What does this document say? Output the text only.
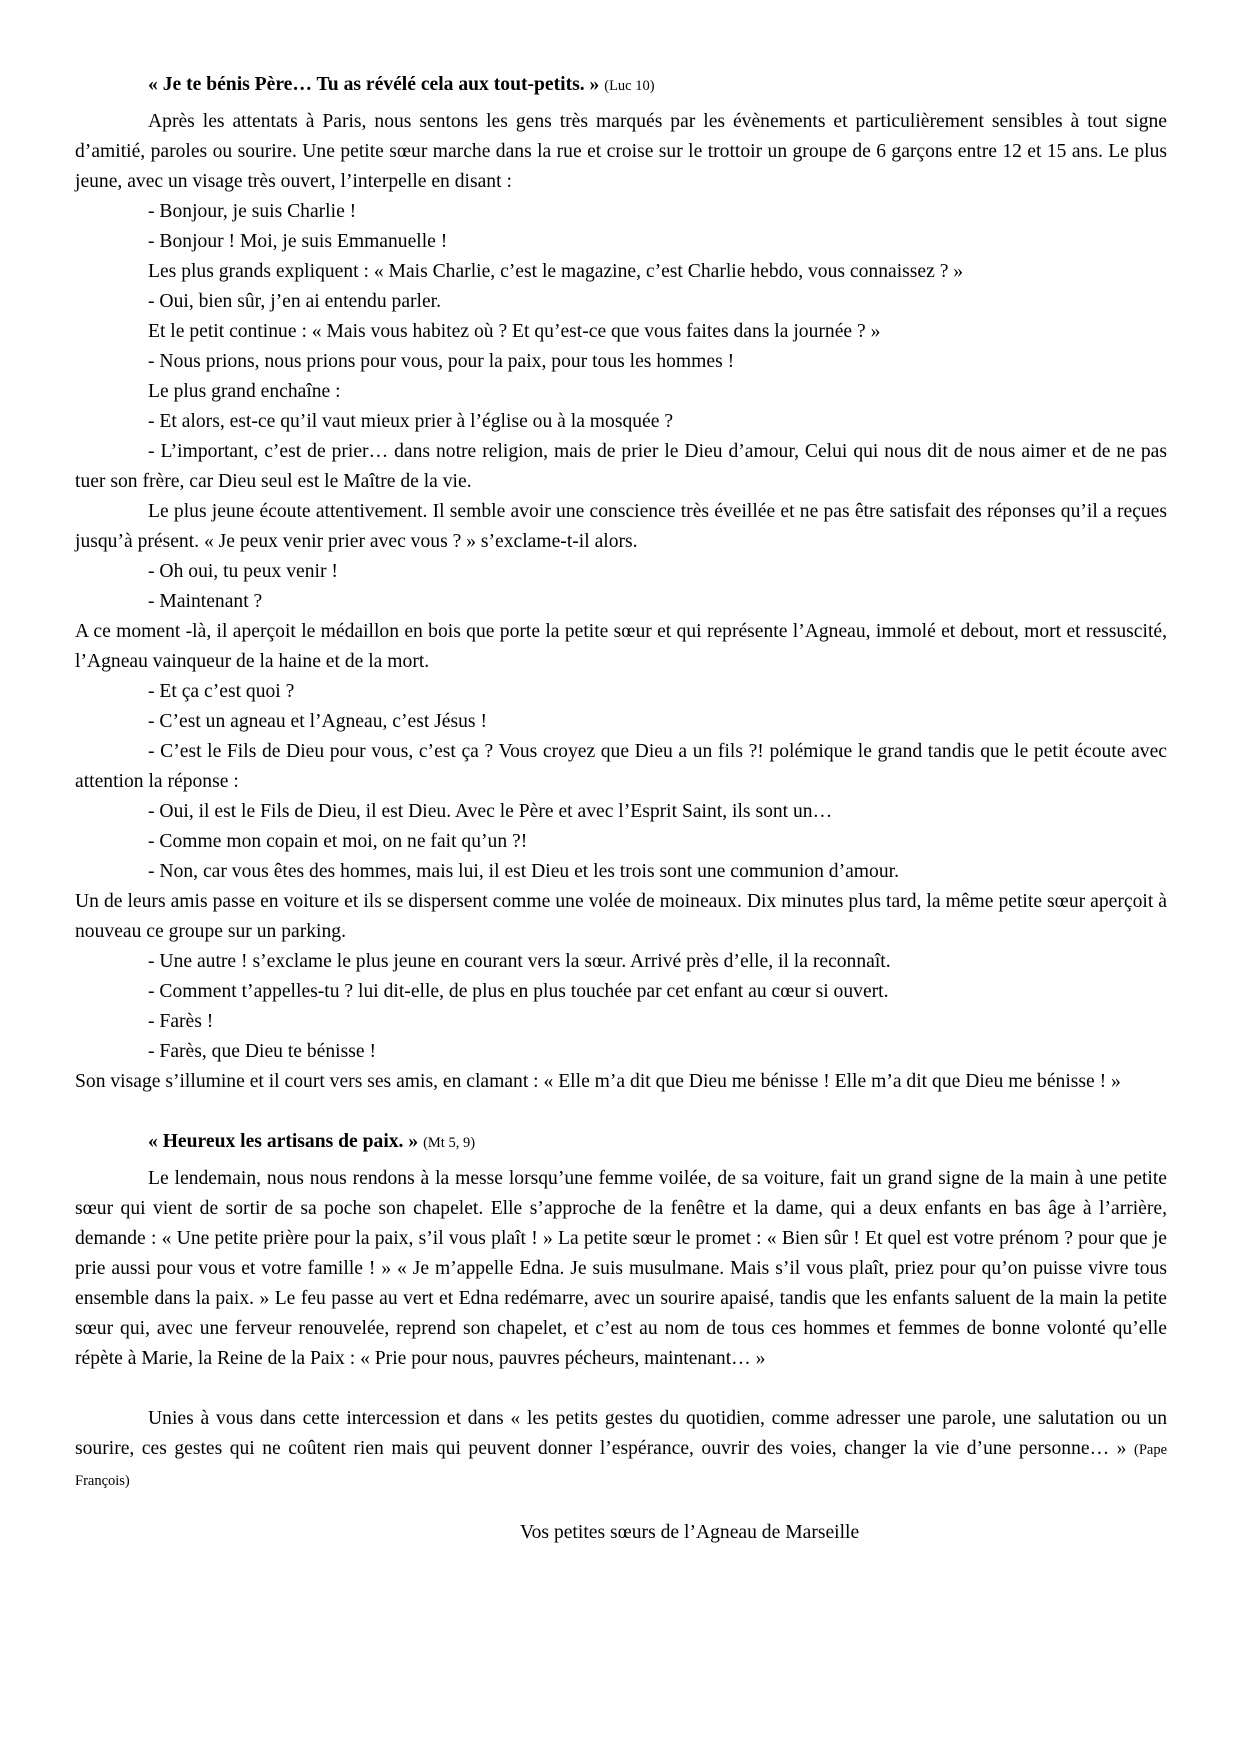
« Je te bénis Père… Tu as révélé cela aux tout-petits. » (Luc 10)

Après les attentats à Paris, nous sentons les gens très marqués par les évènements et particulièrement sensibles à tout signe d’amitié, paroles ou sourire. Une petite sœur marche dans la rue et croise sur le trottoir un groupe de 6 garçons entre 12 et 15 ans. Le plus jeune, avec un visage très ouvert, l’interpelle en disant :

- Bonjour, je suis Charlie !

- Bonjour ! Moi, je suis Emmanuelle !

Les plus grands expliquent : « Mais Charlie, c’est le magazine, c’est Charlie hebdo, vous connaissez ? »

- Oui, bien sûr, j’en ai entendu parler.

Et le petit continue : « Mais vous habitez où ? Et qu’est-ce que vous faites dans la journée ? »

- Nous prions, nous prions pour vous, pour la paix, pour tous les hommes !

Le plus grand enchaîne :

- Et alors, est-ce qu’il vaut mieux prier à l’église ou à la mosquée ?

- L’important, c’est de prier… dans notre religion, mais de prier le Dieu d’amour, Celui qui nous dit de nous aimer et de ne pas tuer son frère, car Dieu seul est le Maître de la vie.

Le plus jeune écoute attentivement. Il semble avoir une conscience très éveillée et ne pas être satisfait des réponses qu’il a reçues jusqu’à présent. « Je peux venir prier avec vous ? » s’exclame-t-il alors.

- Oh oui, tu peux venir !

- Maintenant ?

A ce moment -là, il aperçoit le médaillon en bois que porte la petite sœur et qui représente l’Agneau, immolé et debout, mort et ressuscité, l’Agneau vainqueur de la haine et de la mort.

- Et ça c’est quoi ?

- C’est un agneau et l’Agneau, c’est Jésus !

- C’est le Fils de Dieu pour vous, c’est ça ? Vous croyez que Dieu a un fils ?! polémique le grand tandis que le petit écoute avec attention la réponse :

- Oui, il est le Fils de Dieu, il est Dieu. Avec le Père et avec l’Esprit Saint, ils sont un…

- Comme mon copain et moi, on ne fait qu’un ?!

- Non, car vous êtes des hommes, mais lui, il est Dieu et les trois sont une communion d’amour.

Un de leurs amis passe en voiture et ils se dispersent comme une volée de moineaux. Dix minutes plus tard, la même petite sœur aperçoit à nouveau ce groupe sur un parking.

- Une autre ! s’exclame le plus jeune en courant vers la sœur. Arrivé près d’elle, il la reconnaît.

- Comment t’appelles-tu ? lui dit-elle, de plus en plus touchée par cet enfant au cœur si ouvert.

- Farès !

- Farès, que Dieu te bénisse !

Son visage s’illumine et il court vers ses amis, en clamant : « Elle m’a dit que Dieu me bénisse ! Elle m’a dit que Dieu me bénisse ! »

« Heureux les artisans de paix. » (Mt 5, 9)

Le lendemain, nous nous rendons à la messe lorsqu’une femme voilée, de sa voiture, fait un grand signe de la main à une petite sœur qui vient de sortir de sa poche son chapelet. Elle s’approche de la fenêtre et la dame, qui a deux enfants en bas âge à l’arrière, demande : « Une petite prière pour la paix, s’il vous plaît ! » La petite sœur le promet : « Bien sûr ! Et quel est votre prénom ? pour que je prie aussi pour vous et votre famille ! » « Je m’appelle Edna. Je suis musulmane. Mais s’il vous plaît, priez pour qu’on puisse vivre tous ensemble dans la paix. » Le feu passe au vert et Edna redémarre, avec un sourire apaisé, tandis que les enfants saluent de la main la petite sœur qui, avec une ferveur renouvelée, reprend son chapelet, et c’est au nom de tous ces hommes et femmes de bonne volonté qu’elle répète à Marie, la Reine de la Paix : « Prie pour nous, pauvres pécheurs, maintenant… »

Unies à vous dans cette intercession et dans « les petits gestes du quotidien, comme adresser une parole, une salutation ou un sourire, ces gestes qui ne coûtent rien mais qui peuvent donner l’espérance, ouvrir des voies, changer la vie d’une personne… » (Pape François)

Vos petites sœurs de l’Agneau de Marseille
